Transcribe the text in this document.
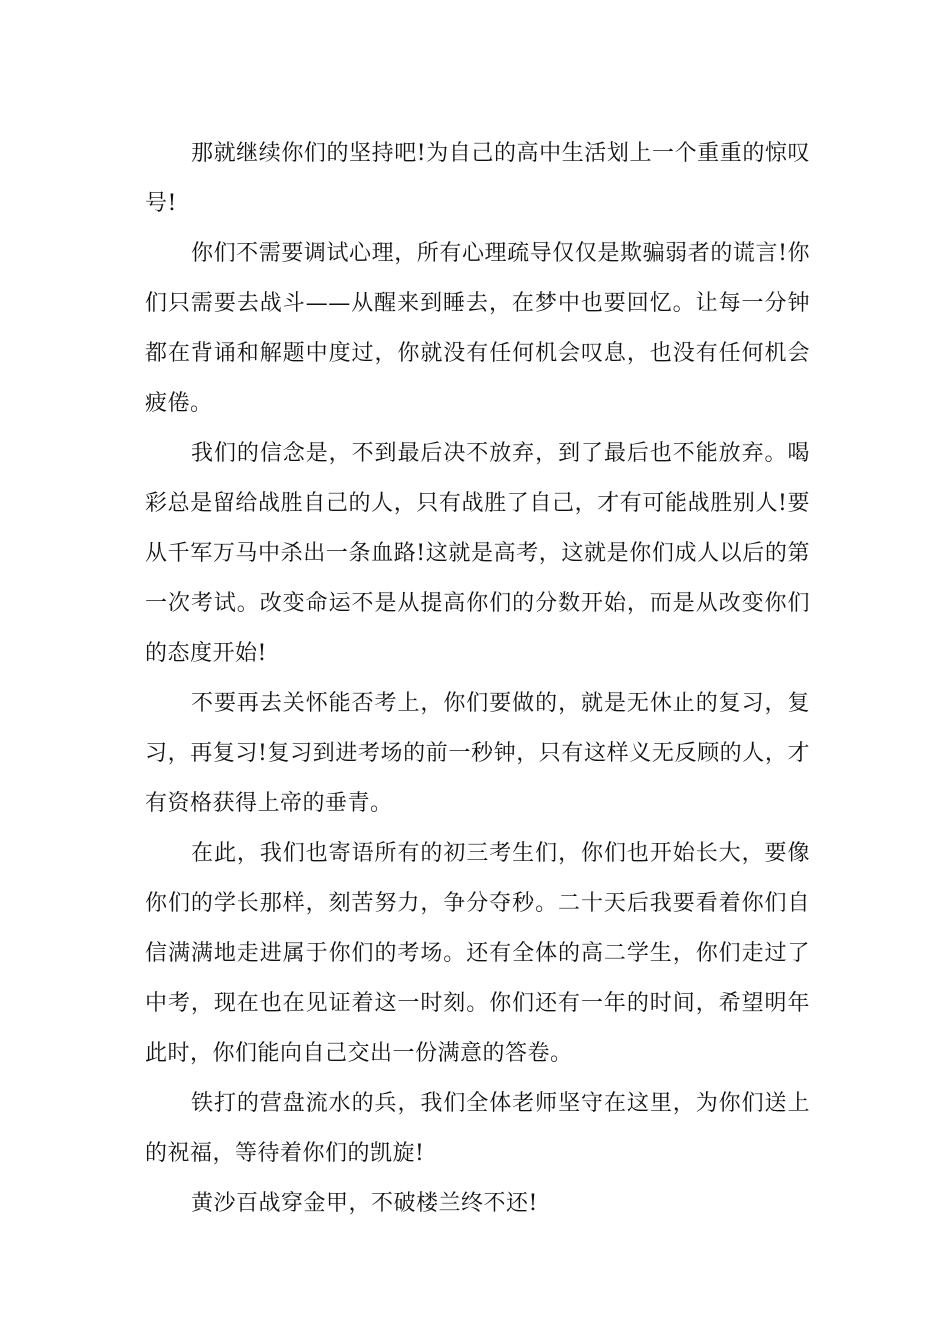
那就继续你们的坚持吧!为自己的高中生活划上一个重重的惊叹号!

你们不需要调试心理，所有心理疏导仅仅是欺骗弱者的谎言!你们只需要去战斗——从醒来到睡去，在梦中也要回忆。让每一分钟都在背诵和解题中度过，你就没有任何机会叹息，也没有任何机会疲倦。

我们的信念是，不到最后决不放弃，到了最后也不能放弃。喝彩总是留给战胜自己的人，只有战胜了自己，才有可能战胜别人!要从千军万马中杀出一条血路!这就是高考，这就是你们成人以后的第一次考试。改变命运不是从提高你们的分数开始，而是从改变你们的态度开始!

不要再去关怀能否考上，你们要做的，就是无休止的复习，复习，再复习!复习到进考场的前一秒钟，只有这样义无反顾的人，才有资格获得上帝的垂青。

在此，我们也寄语所有的初三考生们，你们也开始长大，要像你们的学长那样，刻苦努力，争分夺秒。二十天后我要看着你们自信满满地走进属于你们的考场。还有全体的高二学生，你们走过了中考，现在也在见证着这一时刻。你们还有一年的时间，希望明年此时，你们能向自己交出一份满意的答卷。

铁打的营盘流水的兵，我们全体老师坚守在这里，为你们送上的祝福，等待着你们的凯旋!

黄沙百战穿金甲，不破楼兰终不还!
